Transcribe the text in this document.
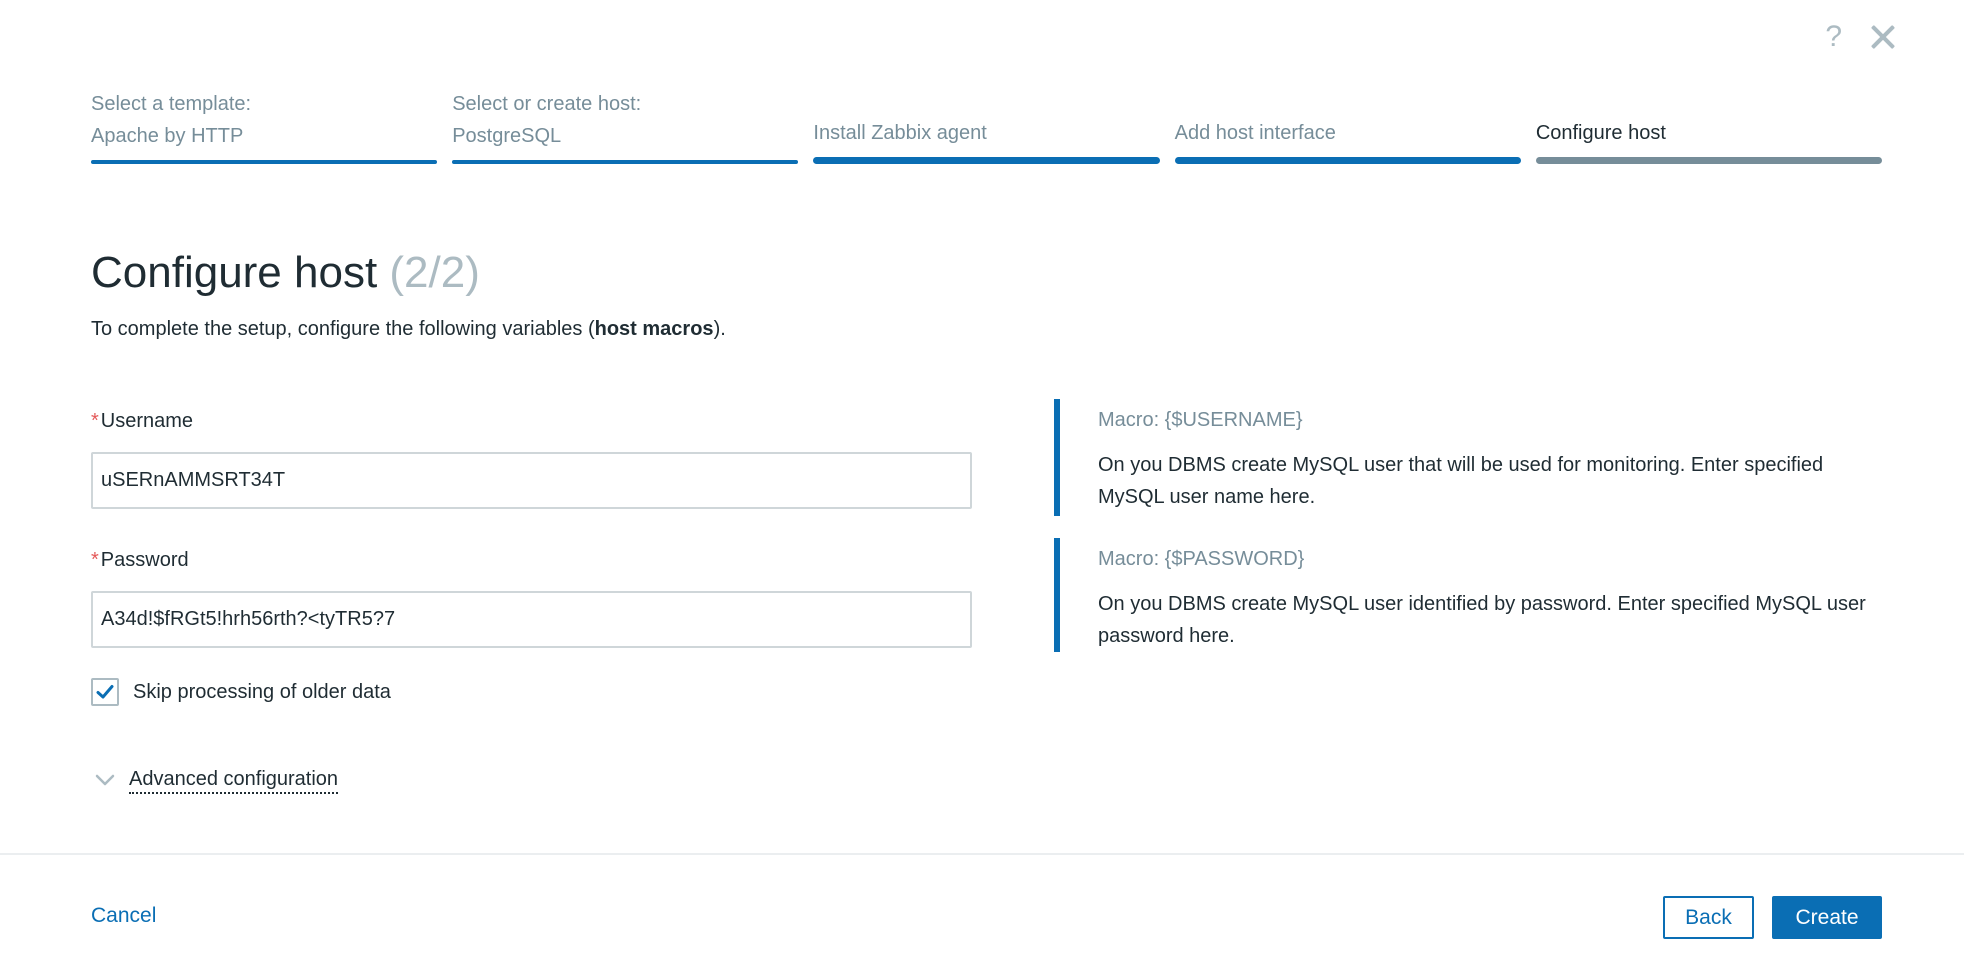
?
Select a template:
Apache by HTTP
Select or create host:
PostgreSQL	Install Zabbix agent	Add host interface	Configure host
Configure host (2/2)

To complete the setup, configure the following variables (host macros).

* Username
uSERnAMMSRT34T
* Password
A34d!$fRGt5!hrh56rth?<tyTR5?7
Skip processing of older data
Advanced configuration
Macro: {$USERNAME}
On you DBMS create MySQL user that will be used for monitoring. Enter specified MySQL user name here.
Macro: {$PASSWORD}
On you DBMS create MySQL user identified by password. Enter specified MySQL user password here.
Cancel	Back	Create
